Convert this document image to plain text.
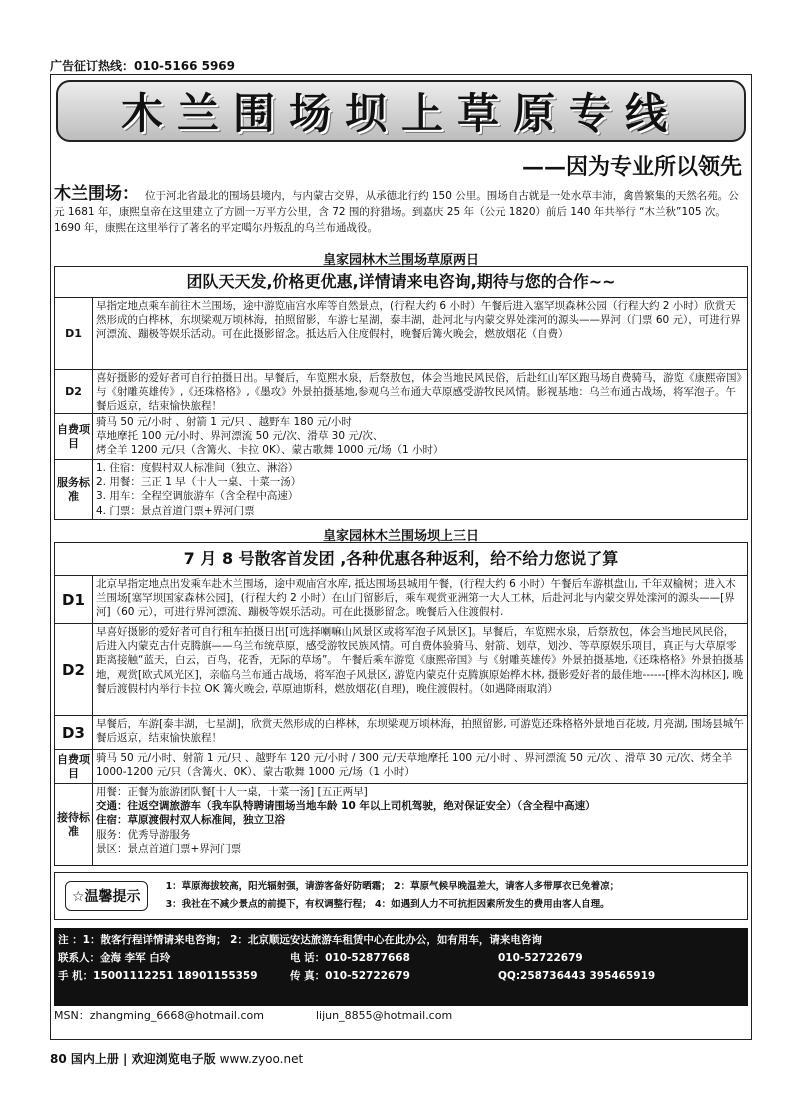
广告征订热线：010-5166 5969
木兰围场坝上草原专线
——因为专业所以领先
木兰围场： 位于河北省最北的围场县境内，与内蒙古交界，从承德北行约 150 公里。围场自古就是一处水草丰沛，禽兽繁集的天然名苑。公元 1681 年，康熙皇帝在这里建立了方圆一万平方公里，含 72 围的狩猎场。到嘉庆 25 年（公元 1820）前后 140 年共举行 “木兰秋”105 次。1690 年，康熙在这里举行了著名的平定噶尔丹叛乱的乌兰布通战役。
皇家园林木兰围场草原两日
团队天天发,价格更优惠,详情请来电咨询,期待与您的合作~~
D1
早指定地点乘车前往木兰围场，途中游览庙宫水库等自然景点，(行程大约 6 小时）午餐后进入塞罕坝森林公园（行程大约 2 小时）欣赏天然形成的白桦林，东坝梁观万顷林海，拍照留影，车游七星湖，泰丰湖，赴河北与内蒙交界处滦河的源头——界河（门票 60 元），可进行界河漂流、蹦极等娱乐活动。可在此摄影留念。抵达后入住度假村，晚餐后篝火晚会，燃放烟花（自费）
D2
喜好摄影的爱好者可自行拍摄日出。早餐后，车览熙水泉，后祭敖包，体会当地民风民俗，后赴红山军区跑马场自费骑马，游览《康熙帝国》与《射雕英雄传》,《还珠格格》,《墨攻》外景拍摄基地,参观乌兰布通大草原感受游牧民风情。影视基地：乌兰布通古战场，将军泡子。午餐后返京，结束愉快旅程！
自费项目
骑马 50 元/小时 、射箭 1 元/只 、越野车 180 元/小时
草地摩托 100 元/小时、界河漂流 50 元/次、滑草 30 元/次、
烤全羊 1200 元/只（含篝火、卡拉 0K）、蒙古歌舞 1000 元/场（1 小时）
服务标准
1. 住宿：度假村双人标准间（独立、淋浴）
2. 用餐：三正 1 早（十人一桌、十菜一汤）
3. 用车：全程空调旅游车（含全程中高速）
4. 门票：景点首道门票+界河门票
皇家园林木兰围场坝上三日
7 月 8 号散客首发团 ,各种优惠各种返利，给不给力您说了算
D1
北京早指定地点出发乘车赴木兰围场，途中观庙宫水库, 抵达围场县城用午餐，(行程大约 6 小时）午餐后车游棋盘山, 千年双榆树；进入木兰围场[塞罕坝国家森林公园]，(行程大约 2 小时）在山门留影后，乘车观赏亚洲第一大人工林，后赴河北与内蒙交界处滦河的源头——[界河]（60 元），可进行界河漂流、蹦极等娱乐活动。可在此摄影留念。晚餐后入住渡假村.
D2
早喜好摄影的爱好者可自行租车拍摄日出[可选择喇嘛山风景区或将军泡子风景区]。早餐后，车览熙水泉，后祭敖包，体会当地民风民俗，后进入内蒙克古什克腾旗——乌兰布统草原，感受游牧民族风情。可自费体验骑马、射箭、划草，划沙、等草原娱乐项目，真正与大草原零距离接触“蓝天，白云，百鸟，花香，无际的草场”。 午餐后乘车游览《康熙帝国》与《射雕英雄传》外景拍摄基地,《还珠格格》外景拍摄基地，观赏[欧式风光区]，亲临乌兰布通古战场，将军泡子风景区, 游览内蒙克什克腾旗原始桦木林, 摄影爱好者的最佳地------[桦木沟林区], 晚餐后渡假村内举行卡拉 OK 篝火晚会, 草原迪斯科，燃放烟花(自理)，晚住渡假村。（如遇降雨取消）
D3	早餐后，车游[泰丰湖，七星湖]，欣赏天然形成的白桦林，东坝梁观万顷林海，拍照留影, 可游览还珠格格外景地百花坡, 月亮湖, 围场县城午餐后返京，结束愉快旅程！
自费项目
骑马 50 元/小时、射箭 1 元/只 、越野车 120 元/小时 / 300 元/天草地摩托 100 元/小时 、界河漂流 50 元/次 、滑草 30 元/次、烤全羊 1000-1200 元/只（含篝火、0K）、蒙古歌舞 1000 元/场（1 小时）
接待标准
用餐：正餐为旅游团队餐[十人一桌，十菜一汤] [五正两早]
交通：往返空调旅游车（我车队特聘请围场当地车龄 10 年以上司机驾驶，绝对保证安全）（含全程中高速）
住宿：草原渡假村双人标准间，独立卫浴
服务：优秀导游服务
景区：景点首道门票+界河门票
☆温馨提示
1：草原海拔较高，阳光辐射强，请游客备好防晒霜； 2：草原气候早晚温差大，请客人多带厚衣已免着凉；
3：我社在不减少景点的前提下，有权调整行程； 4：如遇到人力不可抗拒因素所发生的费用由客人自理。
注 ：1：散客行程详情请来电咨询； 2：北京顺远安达旅游车租赁中心在此办公，如有用车，请来电咨询
联系人：金海 李军 白玲	电 话：010-52877668	010-52722679
手 机：15001112251 18901155359	传 真：010-52722679	QQ:258736443 395465919
MSN：zhangming_6668@hotmail.com	lijun_8855@hotmail.com
80 国内上册 | 欢迎浏览电子版 www.zyoo.net
